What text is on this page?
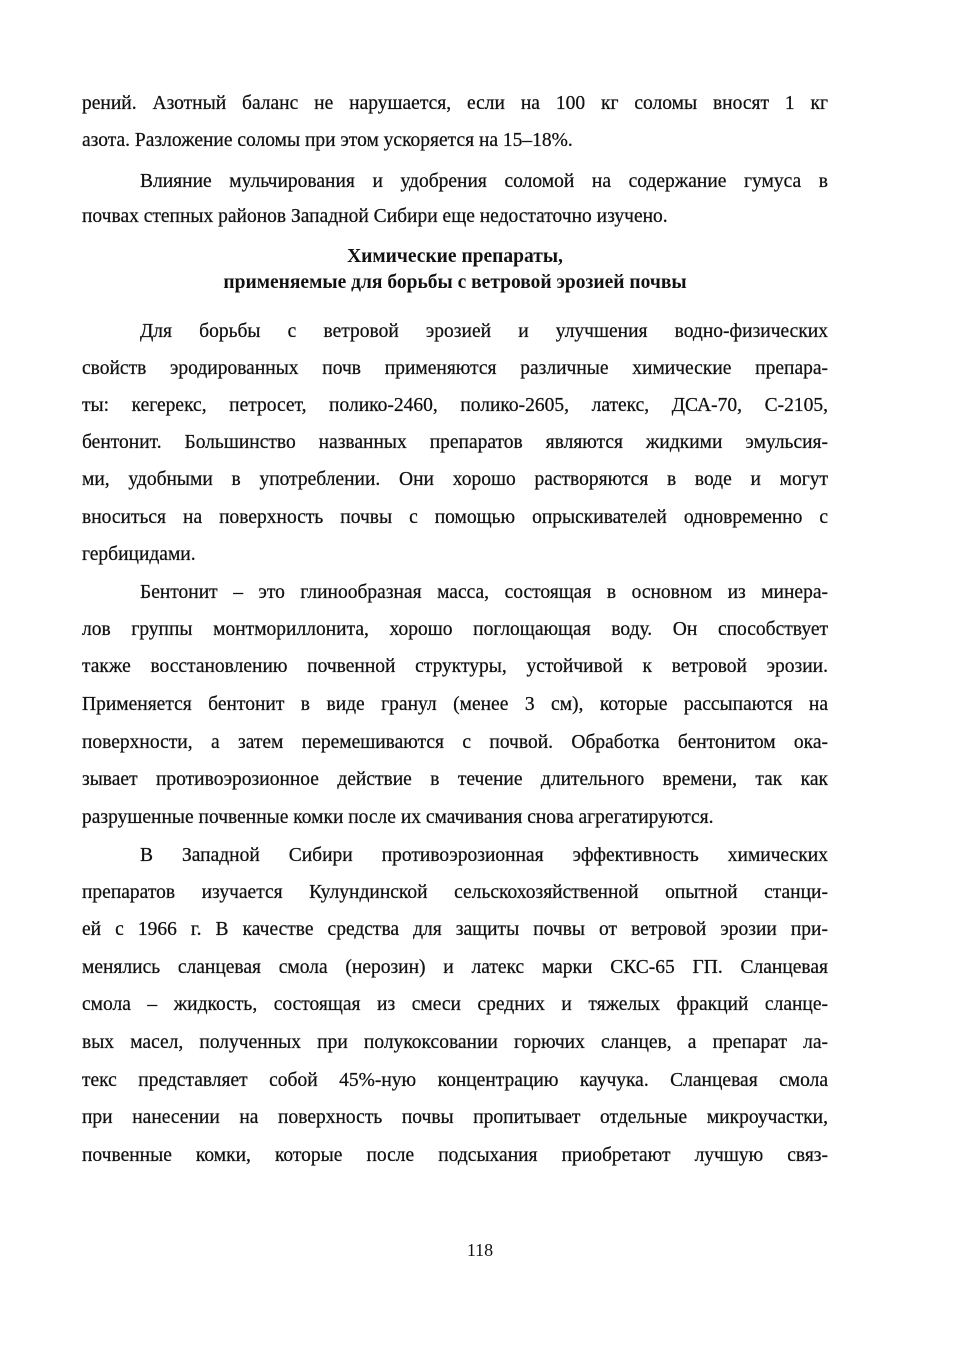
рений. Азотный баланс не нарушается, если на 100 кг соломы вносят 1 кг
азота. Разложение соломы при этом ускоряется на 15–18%.
Влияние мульчирования и удобрения соломой на содержание гумуса в
почвах степных районов Западной Сибири еще недостаточно изучено.
Химические препараты,
применяемые для борьбы с ветровой эрозией почвы
Для борьбы с ветровой эрозией и улучшения водно-физических
свойств эродированных почв применяются различные химические препара-
ты: кегерекс, петросет, полико-2460, полико-2605, латекс, ДСА-70, С-2105,
бентонит. Большинство названных препаратов являются жидкими эмульсия-
ми, удобными в употреблении. Они хорошо растворяются в воде и могут
вноситься на поверхность почвы с помощью опрыскивателей одновременно с
гербицидами.
Бентонит – это глинообразная масса, состоящая в основном из минера-
лов группы монтмориллонита, хорошо поглощающая воду. Он способствует
также восстановлению почвенной структуры, устойчивой к ветровой эрозии.
Применяется бентонит в виде гранул (менее 3 см), которые рассыпаются на
поверхности, а затем перемешиваются с почвой. Обработка бентонитом ока-
зывает противоэрозионное действие в течение длительного времени, так как
разрушенные почвенные комки после их смачивания снова агрегатируются.
В Западной Сибири противоэрозионная эффективность химических
препаратов изучается Кулундинской сельскохозяйственной опытной станци-
ей с 1966 г. В качестве средства для защиты почвы от ветровой эрозии при-
менялись сланцевая смола (нерозин) и латекс марки СКС-65 ГП. Сланцевая
смола – жидкость, состоящая из смеси средних и тяжелых фракций сланце-
вых масел, полученных при полукоксовании горючих сланцев, а препарат ла-
текс представляет собой 45%-ную концентрацию каучука. Сланцевая смола
при нанесении на поверхность почвы пропитывает отдельные микроучастки,
почвенные комки, которые после подсыхания приобретают лучшую связ-
118
